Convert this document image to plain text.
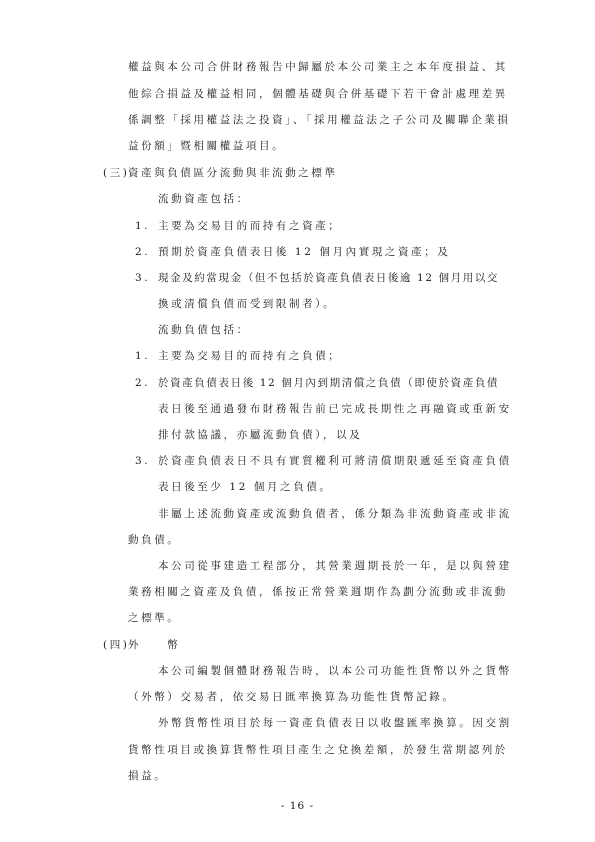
權益與本公司合併財務報告中歸屬於本公司業主之本年度損益、其
他綜合損益及權益相同，個體基礎與合併基礎下若干會計處理差異
係調整「採用權益法之投資」、「採用權益法之子公司及關聯企業損
益份額」暨相關權益項目。
(三)
資產與負債區分流動與非流動之標準
流動資產包括：
1. 主要為交易目的而持有之資產；
2. 預期於資產負債表日後 12 個月內實現之資產；及
3. 現金及約當現金（但不包括於資產負債表日後逾 12 個月用以交
換或清償負債而受到限制者）。
流動負債包括：
1. 主要為交易目的而持有之負債；
2. 於資產負債表日後 12 個月內到期清償之負債（即使於資產負債
表日後至通過發布財務報告前已完成長期性之再融資或重新安
排付款協議，亦屬流動負債），以及
3. 於資產負債表日不具有實質權利可將清償期限遞延至資產負債
表日後至少 12 個月之負債。
非屬上述流動資產或流動負債者，係分類為非流動資產或非流
動負債。
本公司從事建造工程部分，其營業週期長於一年，是以與營建
業務相關之資產及負債，係按正常營業週期作為劃分流動或非流動
之標準。
(四)
外　　幣
本公司編製個體財務報告時，以本公司功能性貨幣以外之貨幣
（外幣）交易者，依交易日匯率換算為功能性貨幣記錄。
外幣貨幣性項目於每一資產負債表日以收盤匯率換算。因交割
貨幣性項目或換算貨幣性項目產生之兌換差額，於發生當期認列於
損益。
- 16 -
